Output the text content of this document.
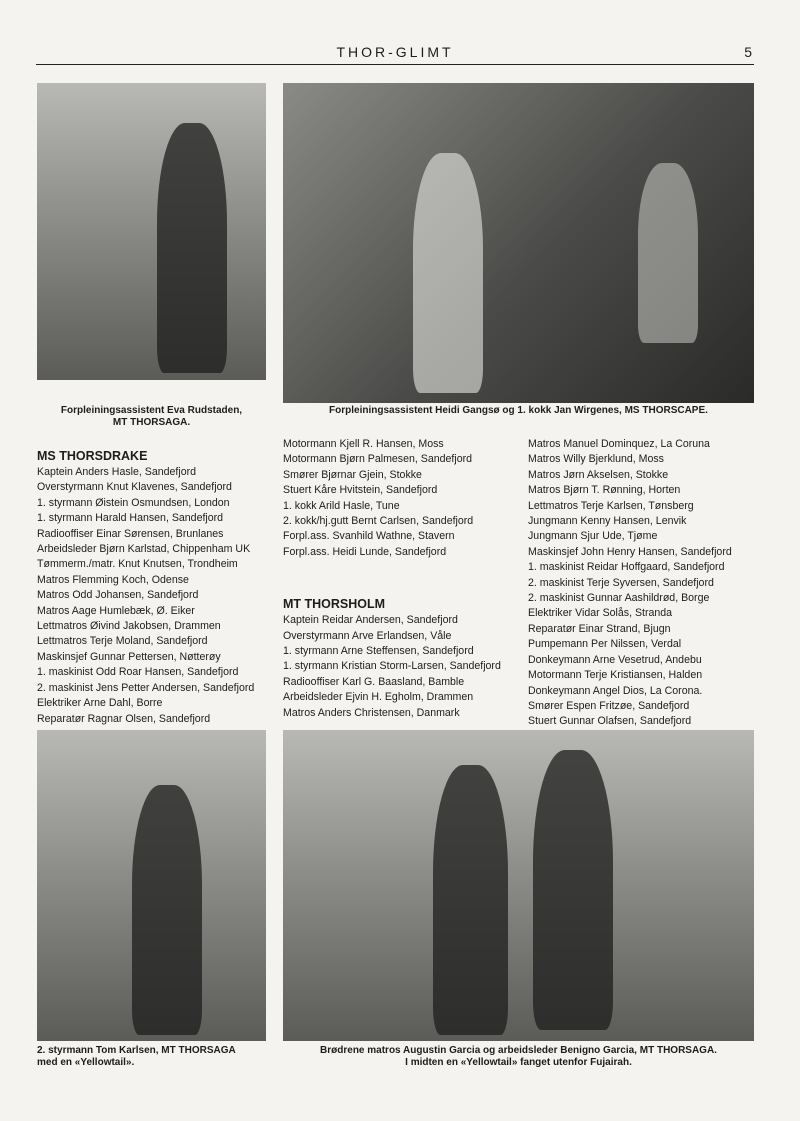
THOR-GLIMT	5
Forpleiningsassistent Eva Rudstaden,
MT THORSAGA.
Forpleiningsassistent Heidi Gangsø og 1. kokk Jan Wirgenes, MS THORSCAPE.
MS THORSDRAKE
Kaptein Anders Hasle, Sandefjord
Overstyrmann Knut Klavenes, Sandefjord
1. styrmann Øistein Osmundsen, London
1. styrmann Harald Hansen, Sandefjord
Radiooffiser Einar Sørensen, Brunlanes
Arbeidsleder Bjørn Karlstad, Chippenham UK
Tømmerm./matr. Knut Knutsen, Trondheim
Matros Flemming Koch, Odense
Matros Odd Johansen, Sandefjord
Matros Aage Humlebæk, Ø. Eiker
Lettmatros Øivind Jakobsen, Drammen
Lettmatros Terje Moland, Sandefjord
Maskinsjef Gunnar Pettersen, Nøtterøy
1. maskinist Odd Roar Hansen, Sandefjord
2. maskinist Jens Petter Andersen, Sandefjord
Elektriker Arne Dahl, Borre
Reparatør Ragnar Olsen, Sandefjord
Motormann Kjell R. Hansen, Moss
Motormann Bjørn Palmesen, Sandefjord
Smører Bjørnar Gjein, Stokke
Stuert Kåre Hvitstein, Sandefjord
1. kokk Arild Hasle, Tune
2. kokk/hj.gutt Bernt Carlsen, Sandefjord
Forpl.ass. Svanhild Wathne, Stavern
Forpl.ass. Heidi Lunde, Sandefjord
MT THORSHOLM
Kaptein Reidar Andersen, Sandefjord
Overstyrmann Arve Erlandsen, Våle
1. styrmann Arne Steffensen, Sandefjord
1. styrmann Kristian Storm-Larsen, Sandefjord
Radiooffiser Karl G. Baasland, Bamble
Arbeidsleder Ejvin H. Egholm, Drammen
Matros Anders Christensen, Danmark
Matros Manuel Dominquez, La Coruna
Matros Willy Bjerklund, Moss
Matros Jørn Akselsen, Stokke
Matros Bjørn T. Rønning, Horten
Lettmatros Terje Karlsen, Tønsberg
Jungmann Kenny Hansen, Lenvik
Jungmann Sjur Ude, Tjøme
Maskinsjef John Henry Hansen, Sandefjord
1. maskinist Reidar Hoffgaard, Sandefjord
2. maskinist Terje Syversen, Sandefjord
2. maskinist Gunnar Aashildrød, Borge
Elektriker Vidar Solås, Stranda
Reparatør Einar Strand, Bjugn
Pumpemann Per Nilssen, Verdal
Donkeymann Arne Vesetrud, Andebu
Motormann Terje Kristiansen, Halden
Donkeymann Angel Dios, La Corona.
Smører Espen Fritzøe, Sandefjord
Stuert Gunnar Olafsen, Sandefjord
2. styrmann Tom Karlsen, MT THORSAGA
med en «Yellowtail».
Brødrene matros Augustin Garcia og arbeidsleder Benigno Garcia, MT THORSAGA.
I midten en «Yellowtail» fanget utenfor Fujairah.
